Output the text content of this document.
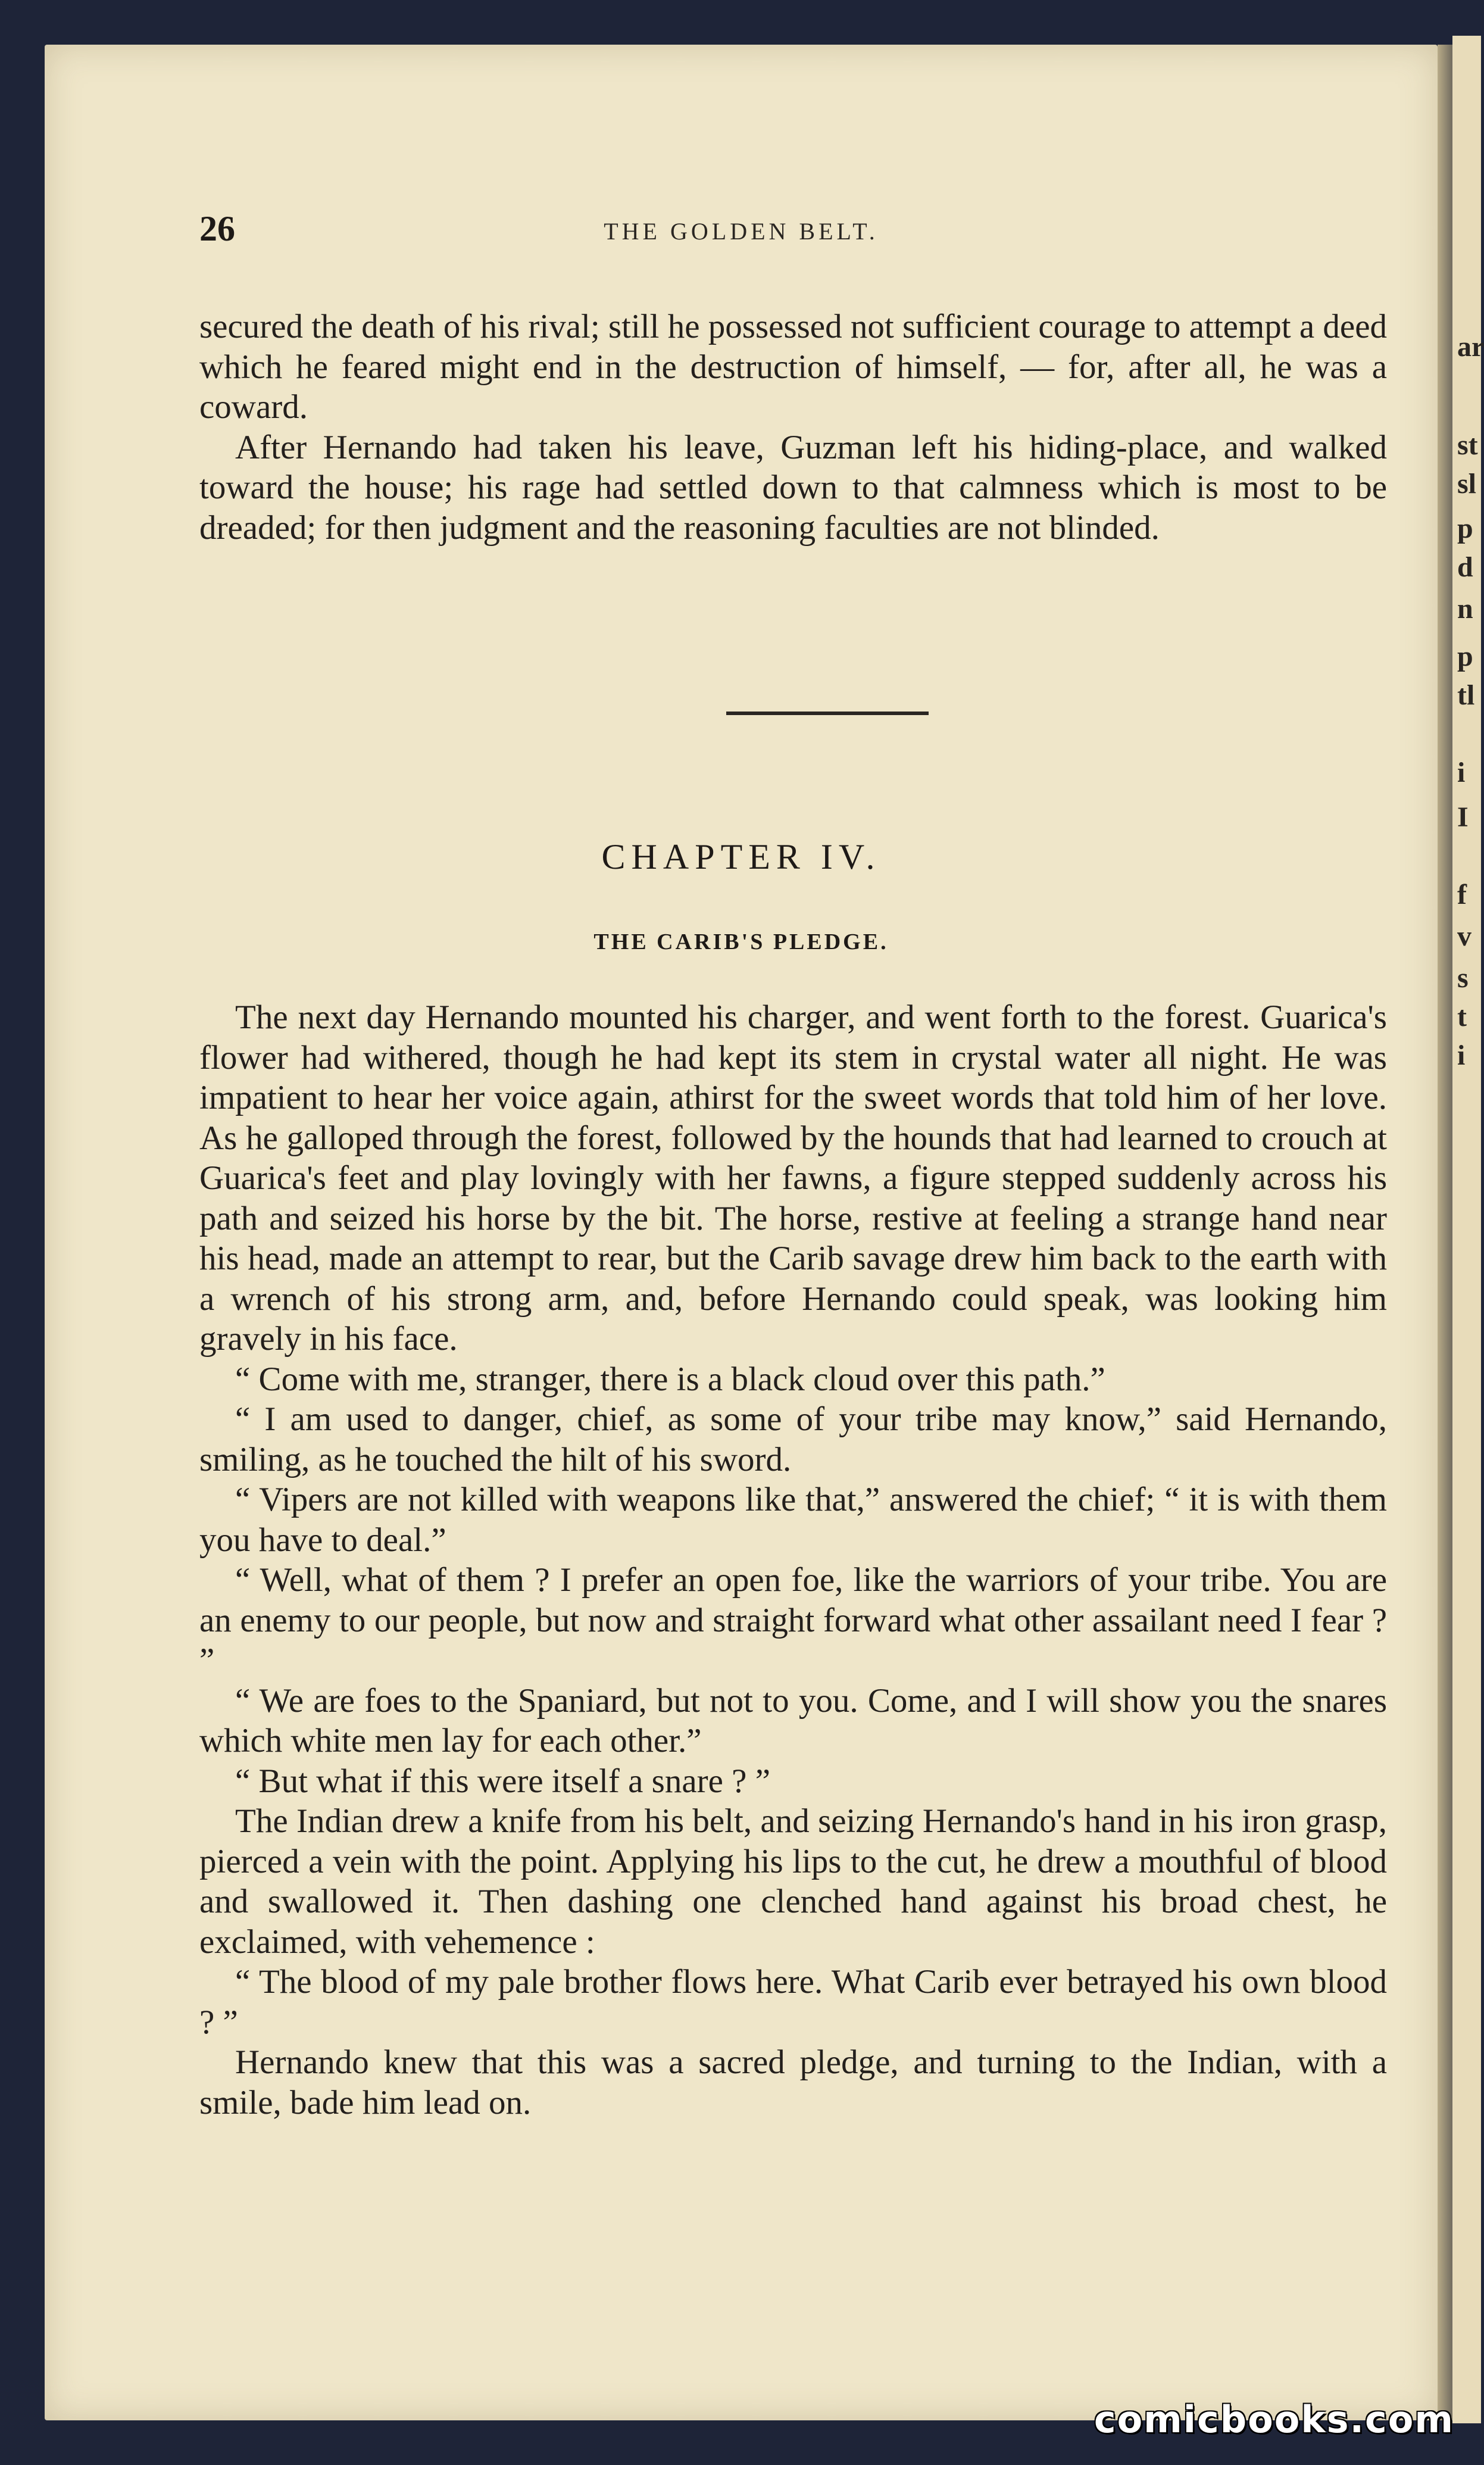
26	THE GOLDEN BELT.

secured the death of his rival; still he possessed not sufficient courage to attempt a deed which he feared might end in the destruction of himself, — for, after all, he was a coward.

After Hernando had taken his leave, Guzman left his hiding-place, and walked toward the house; his rage had settled down to that calmness which is most to be dreaded; for then judgment and the reasoning faculties are not blinded.

CHAPTER IV.
THE CARIB'S PLEDGE.

The next day Hernando mounted his charger, and went forth to the forest. Guarica's flower had withered, though he had kept its stem in crystal water all night. He was impatient to hear her voice again, athirst for the sweet words that told him of her love. As he galloped through the forest, followed by the hounds that had learned to crouch at Guarica's feet and play lovingly with her fawns, a figure stepped suddenly across his path and seized his horse by the bit. The horse, restive at feeling a strange hand near his head, made an attempt to rear, but the Carib savage drew him back to the earth with a wrench of his strong arm, and, before Hernando could speak, was looking him gravely in his face.

“ Come with me, stranger, there is a black cloud over this path.”

“ I am used to danger, chief, as some of your tribe may know,” said Hernando, smiling, as he touched the hilt of his sword.

“ Vipers are not killed with weapons like that,” answered the chief; “ it is with them you have to deal.”

“ Well, what of them ? I prefer an open foe, like the warriors of your tribe. You are an enemy to our people, but now and straight forward what other assailant need I fear ? ”

“ We are foes to the Spaniard, but not to you. Come, and I will show you the snares which white men lay for each other.”

“ But what if this were itself a snare ? ”

The Indian drew a knife from his belt, and seizing Hernando's hand in his iron grasp, pierced a vein with the point. Applying his lips to the cut, he drew a mouthful of blood and swallowed it. Then dashing one clenched hand against his broad chest, he exclaimed, with vehemence :

“ The blood of my pale brother flows here. What Carib ever betrayed his own blood ? ”

Hernando knew that this was a sacred pledge, and turning to the Indian, with a smile, bade him lead on.

ar
st
sl
p
d
n
p
tl
i
I
f
v
s
t
i
comicbooks.com
